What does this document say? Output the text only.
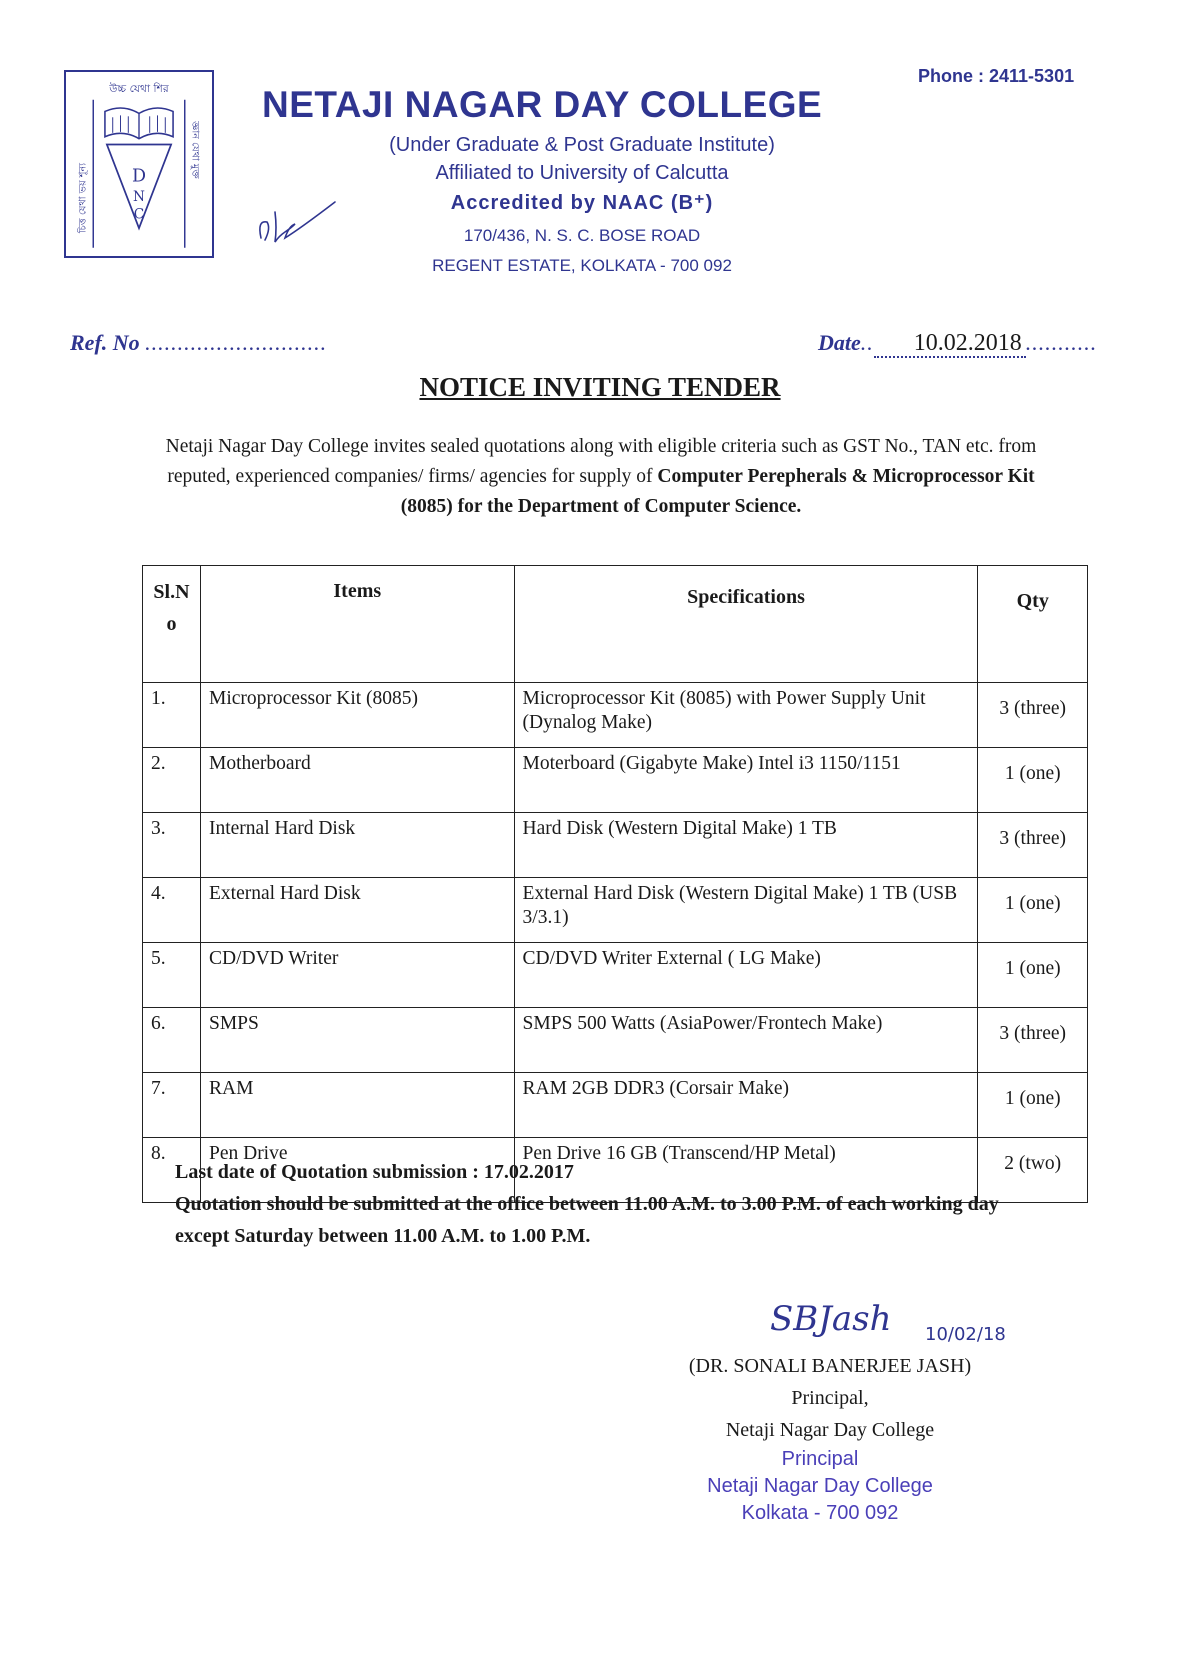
উচ্চ যেথা শির
চিত্ত যেথা ভয় শূন্য
জ্ঞান যেথা মুক্ত
D
N
C
Phone : 2411-5301
NETAJI NAGAR DAY COLLEGE
(Under Graduate & Post Graduate Institute)
Affiliated to University of Calcutta
Accredited by NAAC (B⁺)
170/436, N. S. C. BOSE ROAD
REGENT ESTATE, KOLKATA - 700 092
Ref. No ............................	Date.. 10.02.2018 ...........
NOTICE INVITING TENDER
Netaji Nagar Day College invites sealed quotations along with eligible criteria such as GST No., TAN etc. from reputed, experienced companies/ firms/ agencies for supply of Computer Perepherals & Microprocessor Kit (8085) for the Department of Computer Science.
Sl.N o	Items	Specifications	Qty
1.	Microprocessor Kit (8085)	Microprocessor Kit (8085) with Power Supply Unit (Dynalog Make)	3 (three)
2.	Motherboard	Moterboard (Gigabyte Make) Intel i3 1150/1151	1 (one)
3.	Internal Hard Disk	Hard Disk (Western Digital Make) 1 TB	3 (three)
4.	External Hard Disk	External Hard Disk (Western Digital Make) 1 TB (USB 3/3.1)	1 (one)
5.	CD/DVD Writer	CD/DVD Writer External ( LG Make)	1 (one)
6.	SMPS	SMPS 500 Watts (AsiaPower/Frontech Make)	3 (three)
7.	RAM	RAM 2GB DDR3 (Corsair Make)	1 (one)
8.	Pen Drive	Pen Drive 16 GB (Transcend/HP Metal)	2 (two)
Last date of Quotation submission : 17.02.2017
Quotation should be submitted at the office between 11.00 A.M. to 3.00 P.M. of each working day except Saturday between 11.00 A.M. to 1.00 P.M.
SBJash 10/02/18
(DR. SONALI BANERJEE JASH)
Principal,
Netaji Nagar Day College
Principal
Netaji Nagar Day College
Kolkata - 700 092
